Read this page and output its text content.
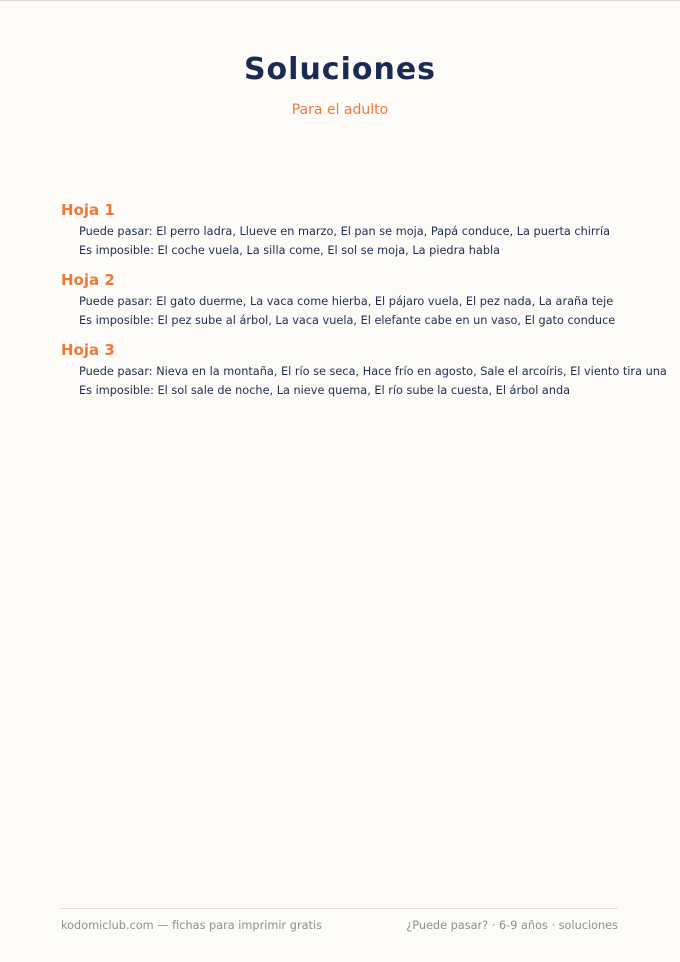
Soluciones
Para el adulto
Hoja 1
Puede pasar: El perro ladra, Llueve en marzo, El pan se moja, Papá conduce, La puerta chirría
Es imposible: El coche vuela, La silla come, El sol se moja, La piedra habla
Hoja 2
Puede pasar: El gato duerme, La vaca come hierba, El pájaro vuela, El pez nada, La araña teje
Es imposible: El pez sube al árbol, La vaca vuela, El elefante cabe en un vaso, El gato conduce
Hoja 3
Puede pasar: Nieva en la montaña, El río se seca, Hace frío en agosto, Sale el arcoíris, El viento tira una
Es imposible: El sol sale de noche, La nieve quema, El río sube la cuesta, El árbol anda
kodomiclub.com — fichas para imprimir gratis	¿Puede pasar? · 6-9 años · soluciones
